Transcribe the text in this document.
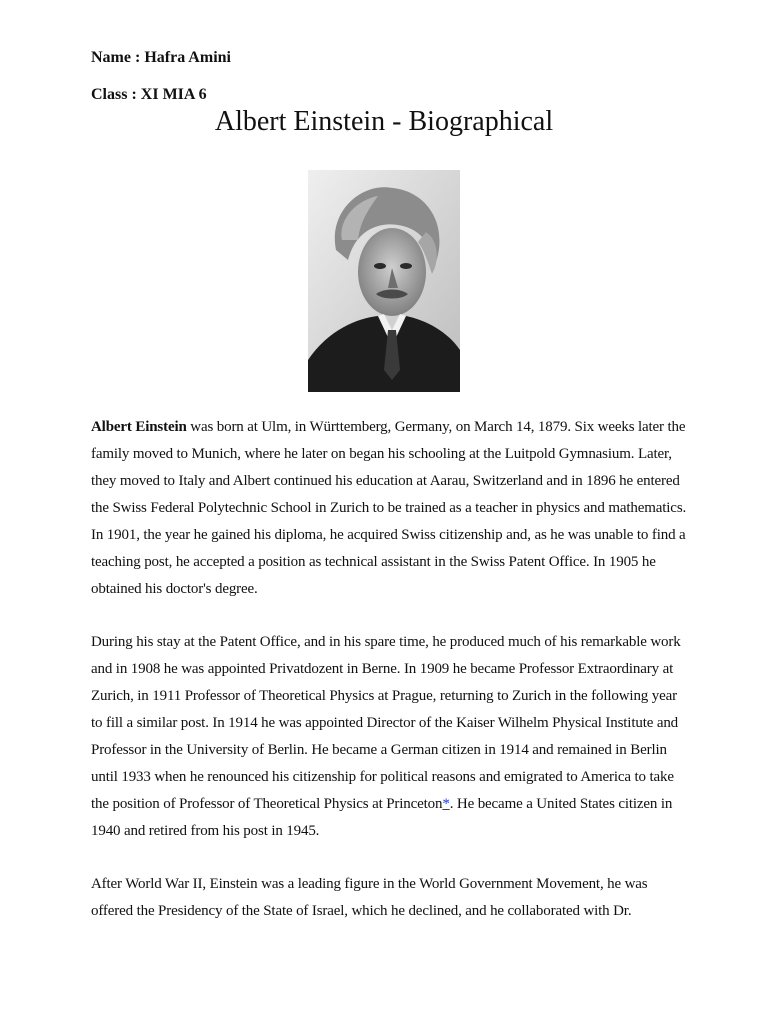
Name : Hafra Amini
Class : XI MIA 6
Albert Einstein - Biographical

Albert Einstein was born at Ulm, in Württemberg, Germany, on March 14, 1879. Six weeks later the family moved to Munich, where he later on began his schooling at the Luitpold Gymnasium. Later, they moved to Italy and Albert continued his education at Aarau, Switzerland and in 1896 he entered the Swiss Federal Polytechnic School in Zurich to be trained as a teacher in physics and mathematics. In 1901, the year he gained his diploma, he acquired Swiss citizenship and, as he was unable to find a teaching post, he accepted a position as technical assistant in the Swiss Patent Office. In 1905 he obtained his doctor's degree.

During his stay at the Patent Office, and in his spare time, he produced much of his remarkable work and in 1908 he was appointed Privatdozent in Berne. In 1909 he became Professor Extraordinary at Zurich, in 1911 Professor of Theoretical Physics at Prague, returning to Zurich in the following year to fill a similar post. In 1914 he was appointed Director of the Kaiser Wilhelm Physical Institute and Professor in the University of Berlin. He became a German citizen in 1914 and remained in Berlin until 1933 when he renounced his citizenship for political reasons and emigrated to America to take the position of Professor of Theoretical Physics at Princeton*. He became a United States citizen in 1940 and retired from his post in 1945.

After World War II, Einstein was a leading figure in the World Government Movement, he was offered the Presidency of the State of Israel, which he declined, and he collaborated with Dr.
